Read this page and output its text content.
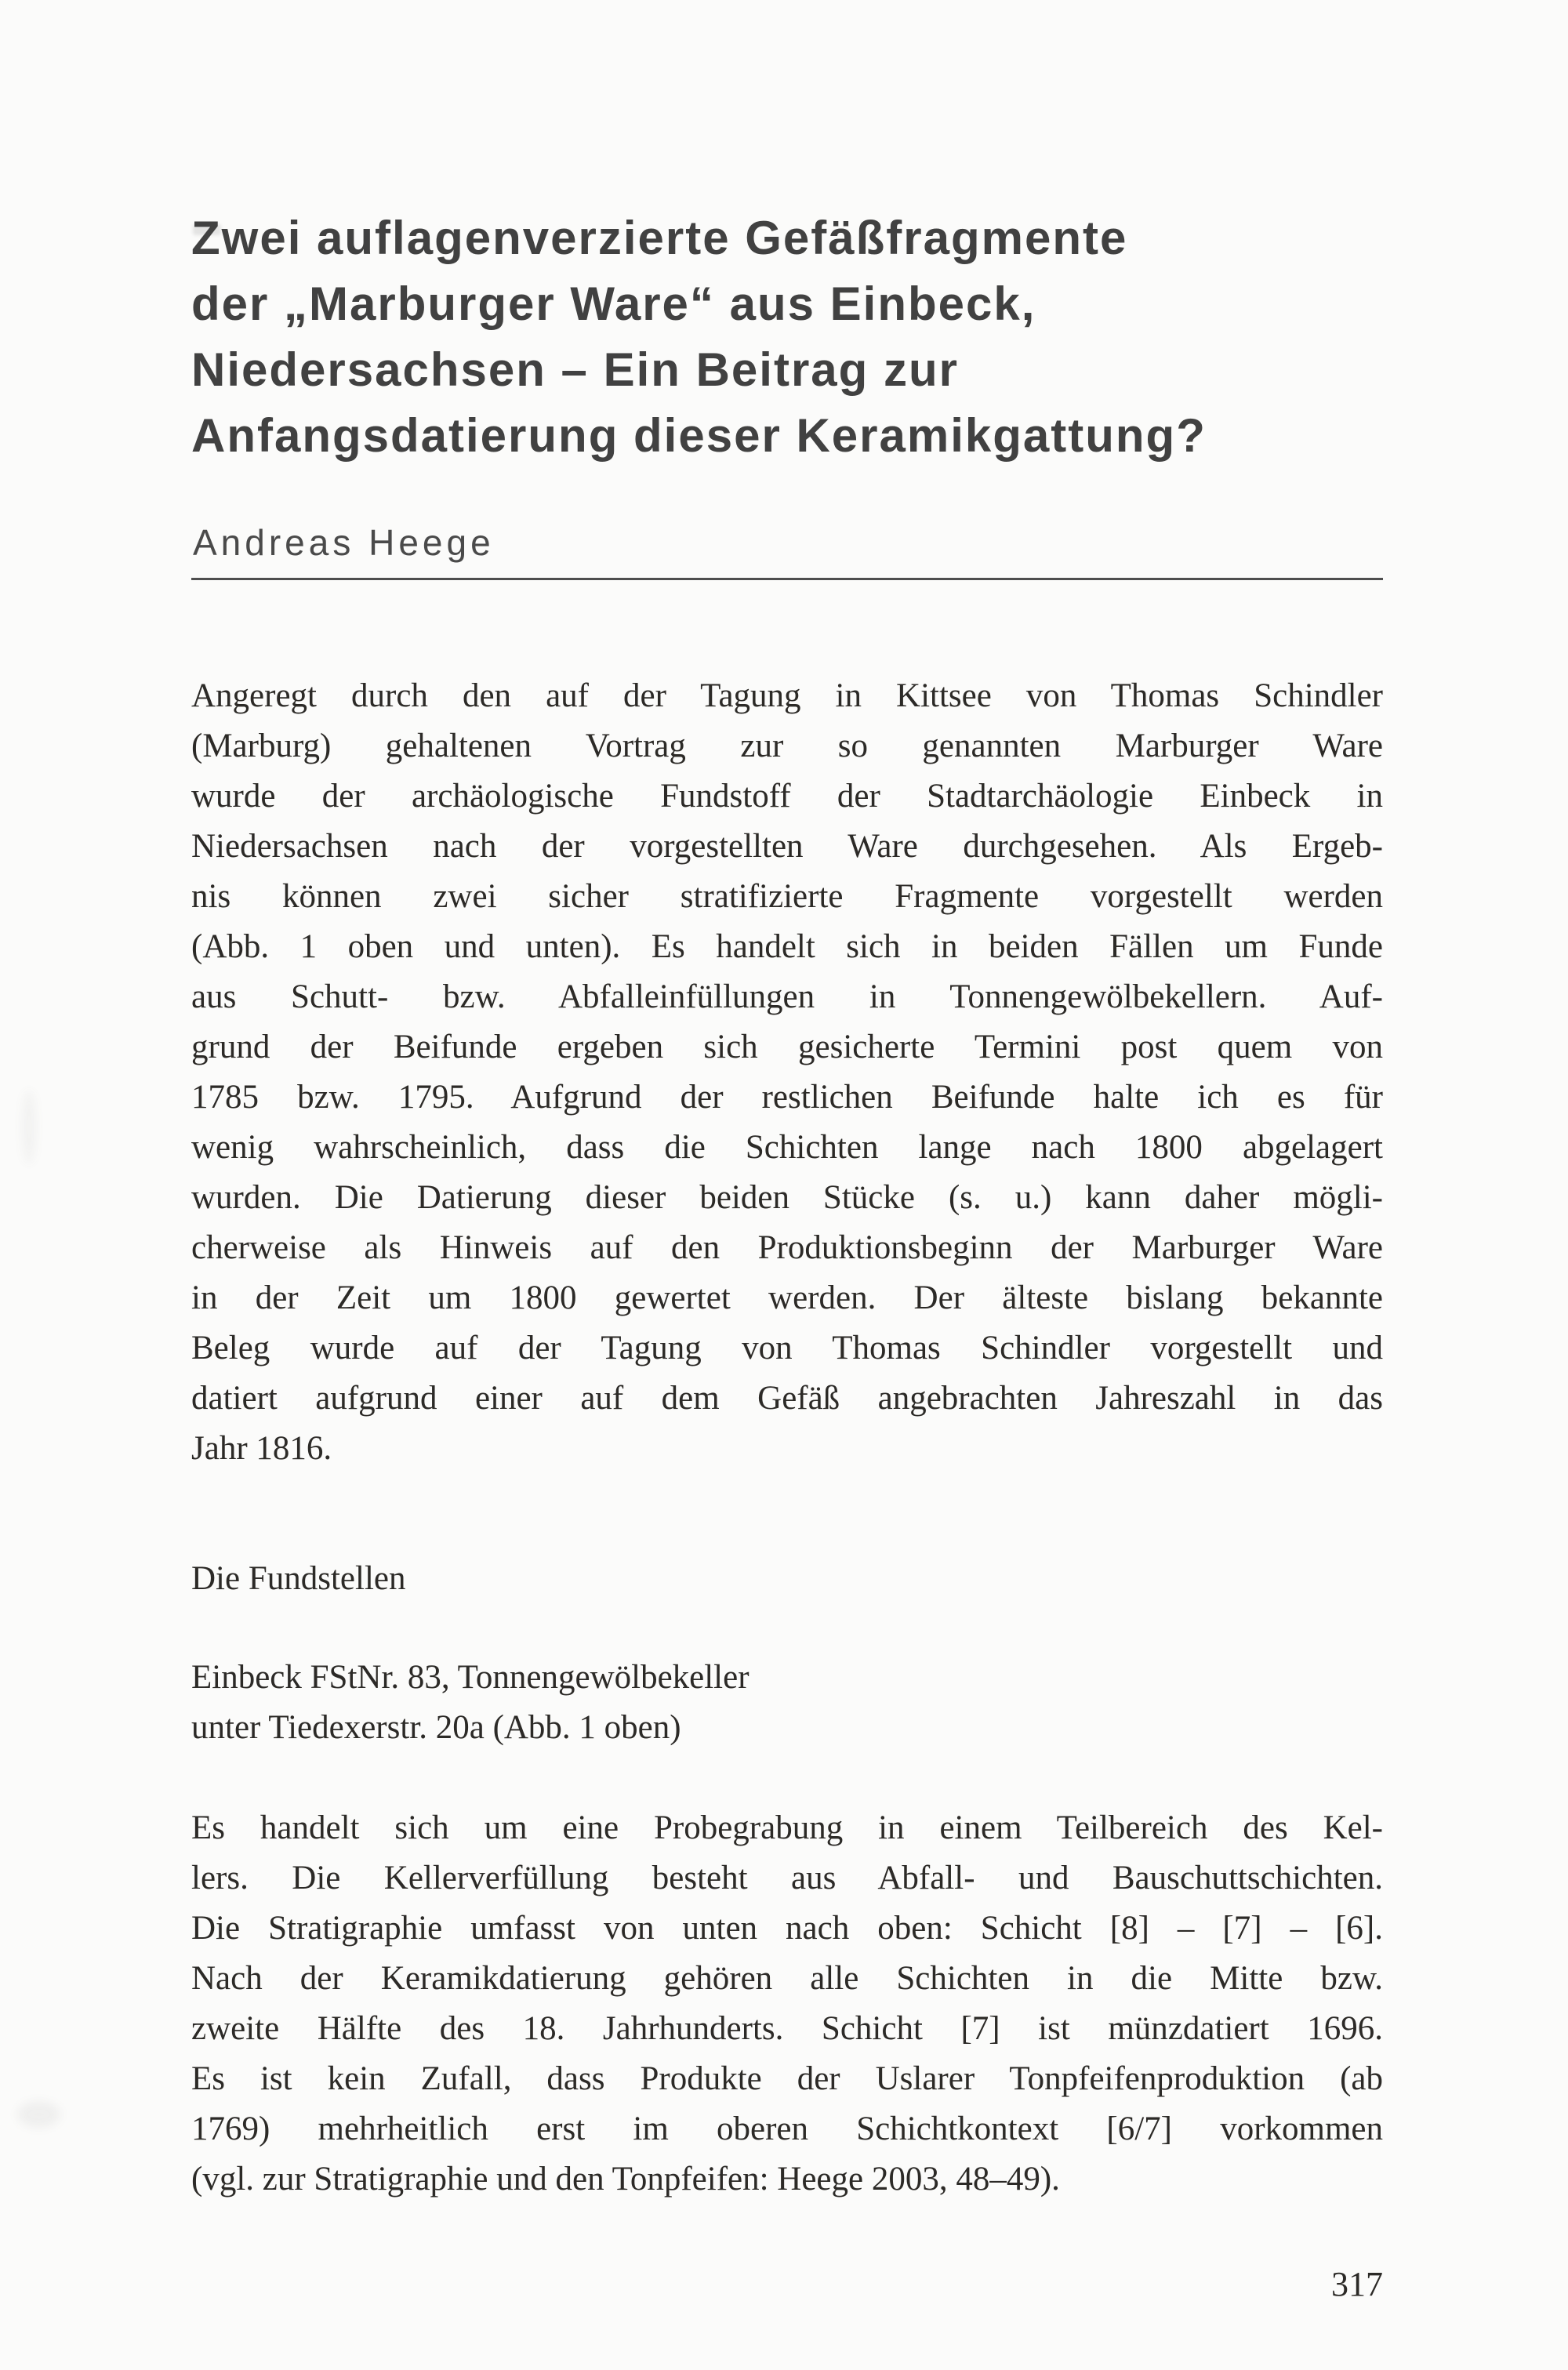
Zwei auflagenverzierte Gefäßfragmente
der „Marburger Ware“ aus Einbeck,
Niedersachsen – Ein Beitrag zur
Anfangsdatierung dieser Keramikgattung?
Andreas Heege
Angeregt durch den auf der Tagung in Kittsee von Thomas Schindler
(Marburg) gehaltenen Vortrag zur so genannten Marburger Ware
wurde der archäologische Fundstoff der Stadtarchäologie Einbeck in
Niedersachsen nach der vorgestellten Ware durchgesehen. Als Ergeb-
nis können zwei sicher stratifizierte Fragmente vorgestellt werden
(Abb. 1 oben und unten). Es handelt sich in beiden Fällen um Funde
aus Schutt- bzw. Abfalleinfüllungen in Tonnengewölbekellern. Auf-
grund der Beifunde ergeben sich gesicherte Termini post quem von
1785 bzw. 1795. Aufgrund der restlichen Beifunde halte ich es für
wenig wahrscheinlich, dass die Schichten lange nach 1800 abgelagert
wurden. Die Datierung dieser beiden Stücke (s. u.) kann daher mögli-
cherweise als Hinweis auf den Produktionsbeginn der Marburger Ware
in der Zeit um 1800 gewertet werden. Der älteste bislang bekannte
Beleg wurde auf der Tagung von Thomas Schindler vorgestellt und
datiert aufgrund einer auf dem Gefäß angebrachten Jahreszahl in das
Jahr 1816.
Die Fundstellen
Einbeck FStNr. 83, Tonnengewölbekeller
unter Tiedexerstr. 20a (Abb. 1 oben)
Es handelt sich um eine Probegrabung in einem Teilbereich des Kel-
lers. Die Kellerverfüllung besteht aus Abfall- und Bauschuttschichten.
Die Stratigraphie umfasst von unten nach oben: Schicht [8] – [7] – [6].
Nach der Keramikdatierung gehören alle Schichten in die Mitte bzw.
zweite Hälfte des 18. Jahrhunderts. Schicht [7] ist münzdatiert 1696.
Es ist kein Zufall, dass Produkte der Uslarer Tonpfeifenproduktion (ab
1769) mehrheitlich erst im oberen Schichtkontext [6/7] vorkommen
(vgl. zur Stratigraphie und den Tonpfeifen: Heege 2003, 48–49).
317
